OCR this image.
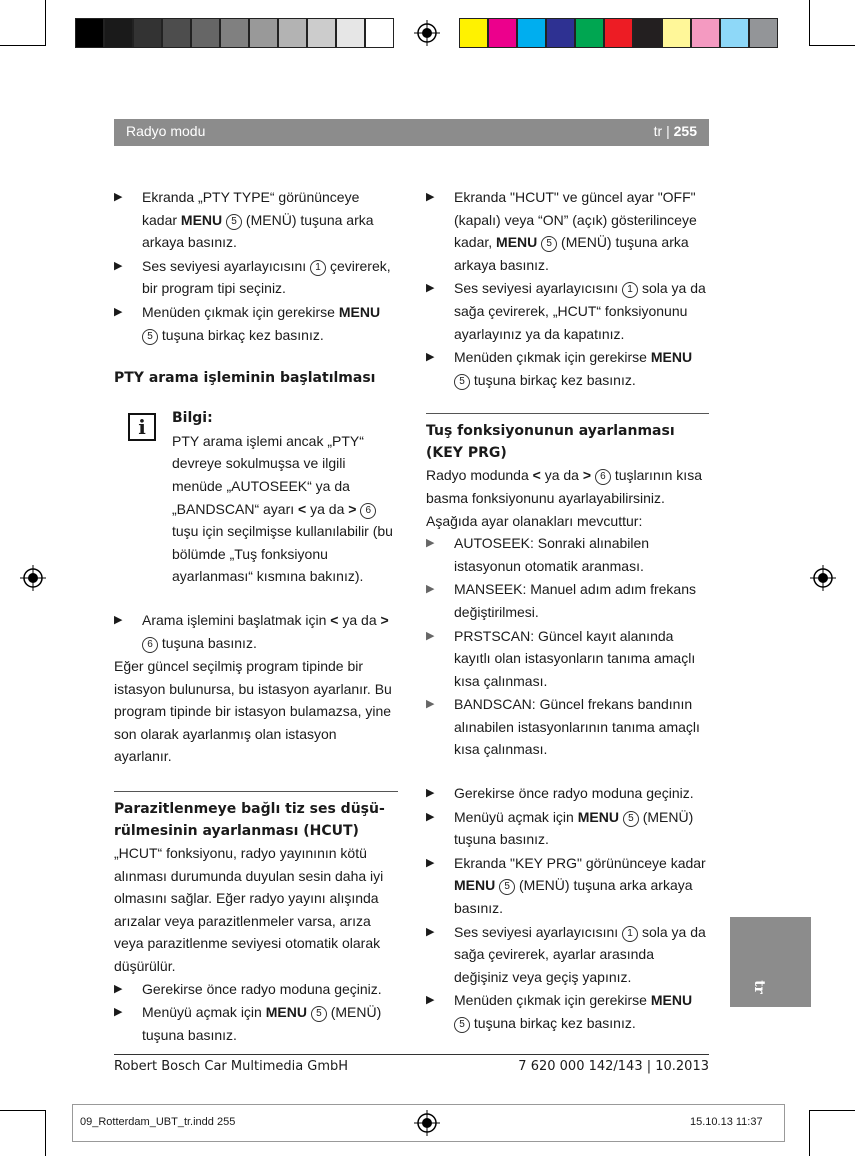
Radyo modu	tr | 255
▶ Ekranda „PTY TYPE“ görününceye kadar MENU 5 (MENÜ) tuşuna arka arkaya basınız.
▶ Ses seviyesi ayarlayıcısını 1 çevirerek, bir program tipi seçiniz.
▶ Menüden çıkmak için gerekirse MENU 5 tuşuna birkaç kez basınız.

PTY arama işleminin başlatılması

i	Bilgi:
PTY arama işlemi ancak „PTY“ devreye sokulmuşsa ve ilgili menüde „AUTOSEEK“ ya da „BANDSCAN“ ayarı < ya da > 6 tuşu için seçilmişse kullanılabilir (bu bölümde „Tuş fonksiyonu ayarlanması“ kısmına bakınız).
▶ Arama işlemini başlatmak için < ya da > 6 tuşuna basınız.

Eğer güncel seçilmiş program tipinde bir istasyon bulunursa, bu istasyon ayarlanır. Bu program tipinde bir istasyon bulamazsa, yine son olarak ayarlanmış olan istasyon ayarlanır.

Parazitlenmeye bağlı tiz ses düşürülmesinin ayarlanması (HCUT)

„HCUT“ fonksiyonu, radyo yayınının kötü alınması durumunda duyulan sesin daha iyi olmasını sağlar. Eğer radyo yayını alışında arızalar veya parazitlenmeler varsa, arıza veya parazitlenme seviyesi otomatik olarak düşürülür.

▶ Gerekirse önce radyo moduna geçiniz.
▶ Menüyü açmak için MENU 5 (MENÜ) tuşuna basınız.
▶ Ekranda "HCUT" ve güncel ayar "OFF" (kapalı) veya “ON” (açık) gösterilinceye kadar, MENU 5 (MENÜ) tuşuna arka arkaya basınız.
▶ Ses seviyesi ayarlayıcısını 1 sola ya da sağa çevirerek, „HCUT“ fonksiyonunu ayarlayınız ya da kapatınız.
▶ Menüden çıkmak için gerekirse MENU 5 tuşuna birkaç kez basınız.

Tuş fonksiyonunun ayarlanması (KEY PRG)

Radyo modunda < ya da > 6 tuşlarının kısa basma fonksiyonunu ayarlayabilirsiniz. Aşağıda ayar olanakları mevcuttur:

▶ AUTOSEEK: Sonraki alınabilen istasyonun otomatik aranması.
▶ MANSEEK: Manuel adım adım frekans değiştirilmesi.
▶ PRSTSCAN: Güncel kayıt alanında kayıtlı olan istasyonların tanıma amaçlı kısa çalınması.
▶ BANDSCAN: Güncel frekans bandının alınabilen istasyonlarının tanıma amaçlı kısa çalınması.
▶ Gerekirse önce radyo moduna geçiniz.
▶ Menüyü açmak için MENU 5 (MENÜ) tuşuna basınız.
▶ Ekranda "KEY PRG" görününceye kadar MENU 5 (MENÜ) tuşuna arka arkaya basınız.
▶ Ses seviyesi ayarlayıcısını 1 sola ya da sağa çevirerek, ayarlar arasında değişiniz veya geçiş yapınız.
▶ Menüden çıkmak için gerekirse MENU 5 tuşuna birkaç kez basınız.
tr
Robert Bosch Car Multimedia GmbH	7 620 000 142/143 | 10.2013
09_Rotterdam_UBT_tr.indd 255	15.10.13 11:37
